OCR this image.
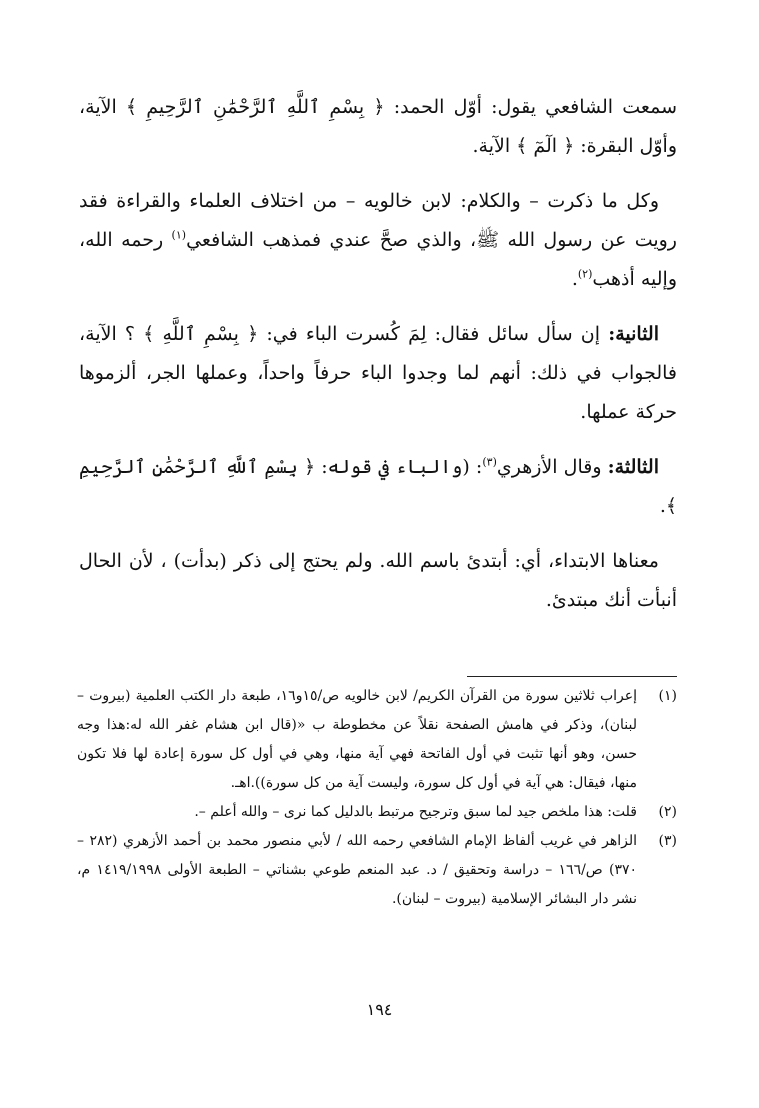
سمعت الشافعي يقول: أوّل الحمد: ﴿ بِسْمِ ٱللَّهِ ٱلرَّحْمَٰنِ ٱلرَّحِيمِ ﴾ الآية، وأوّل البقرة: ﴿ الٓمٓ ﴾ الآية.

وكل ما ذكرت – والكلام: لابن خالويه – من اختلاف العلماء والقراءة فقد رويت عن رسول الله ﷺ، والذي صحَّ عندي فمذهب الشافعي$^{(١)}$ رحمه الله، وإليه أذهب$^{(٢)}$.

الثانية: إن سأل سائل فقال: لِمَ كُسرت الباء في: ﴿ بِسْمِ ٱللَّهِ ﴾ ؟ الآية، فالجواب في ذلك: أنهم لما وجدوا الباء حرفاً واحداً، وعملها الجر، ألزموها حركة عملها.

الثالثة: وقال الأزهري$^{(٣)}$: (والباء في قوله: ﴿ بِسْمِ ٱللَّهِ ٱلرَّحْمَٰنِ ٱلرَّحِيمِ ﴾.

معناها الابتداء، أي: أبتدئ باسم الله. ولم يحتج إلى ذكر (بدأت) ، لأن الحال أنبأت أنك مبتدئ.

(١)
إعراب ثلاثين سورة من القرآن الكريم/ لابن خالويه ص/١٥و١٦، طبعة دار الكتب العلمية (بيروت – لبنان)، وذكر في هامش الصفحة نقلاً عن مخطوطة ب «(قال ابن هشام غفر الله له:هذا وجه حسن، وهو أنها تثبت في أول الفاتحة فهي آية منها، وهي في أول كل سورة إعادة لها فلا تكون منها، فيقال: هي آية في أول كل سورة، وليست آية من كل سورة)).اهـ.
(٢)
قلت: هذا ملخص جيد لما سبق وترجيح مرتبط بالدليل كما نرى – والله أعلم –.
(٣)
الزاهر في غريب ألفاظ الإمام الشافعي رحمه الله / لأبي منصور محمد بن أحمد الأزهري (٢٨٢ – ٣٧٠) ص/١٦٦ – دراسة وتحقيق / د. عبد المنعم طوعي بشناتي – الطبعة الأولى ١٤١٩/١٩٩٨ م، نشر دار البشائر الإسلامية (بيروت – لبنان).
١٩٤
